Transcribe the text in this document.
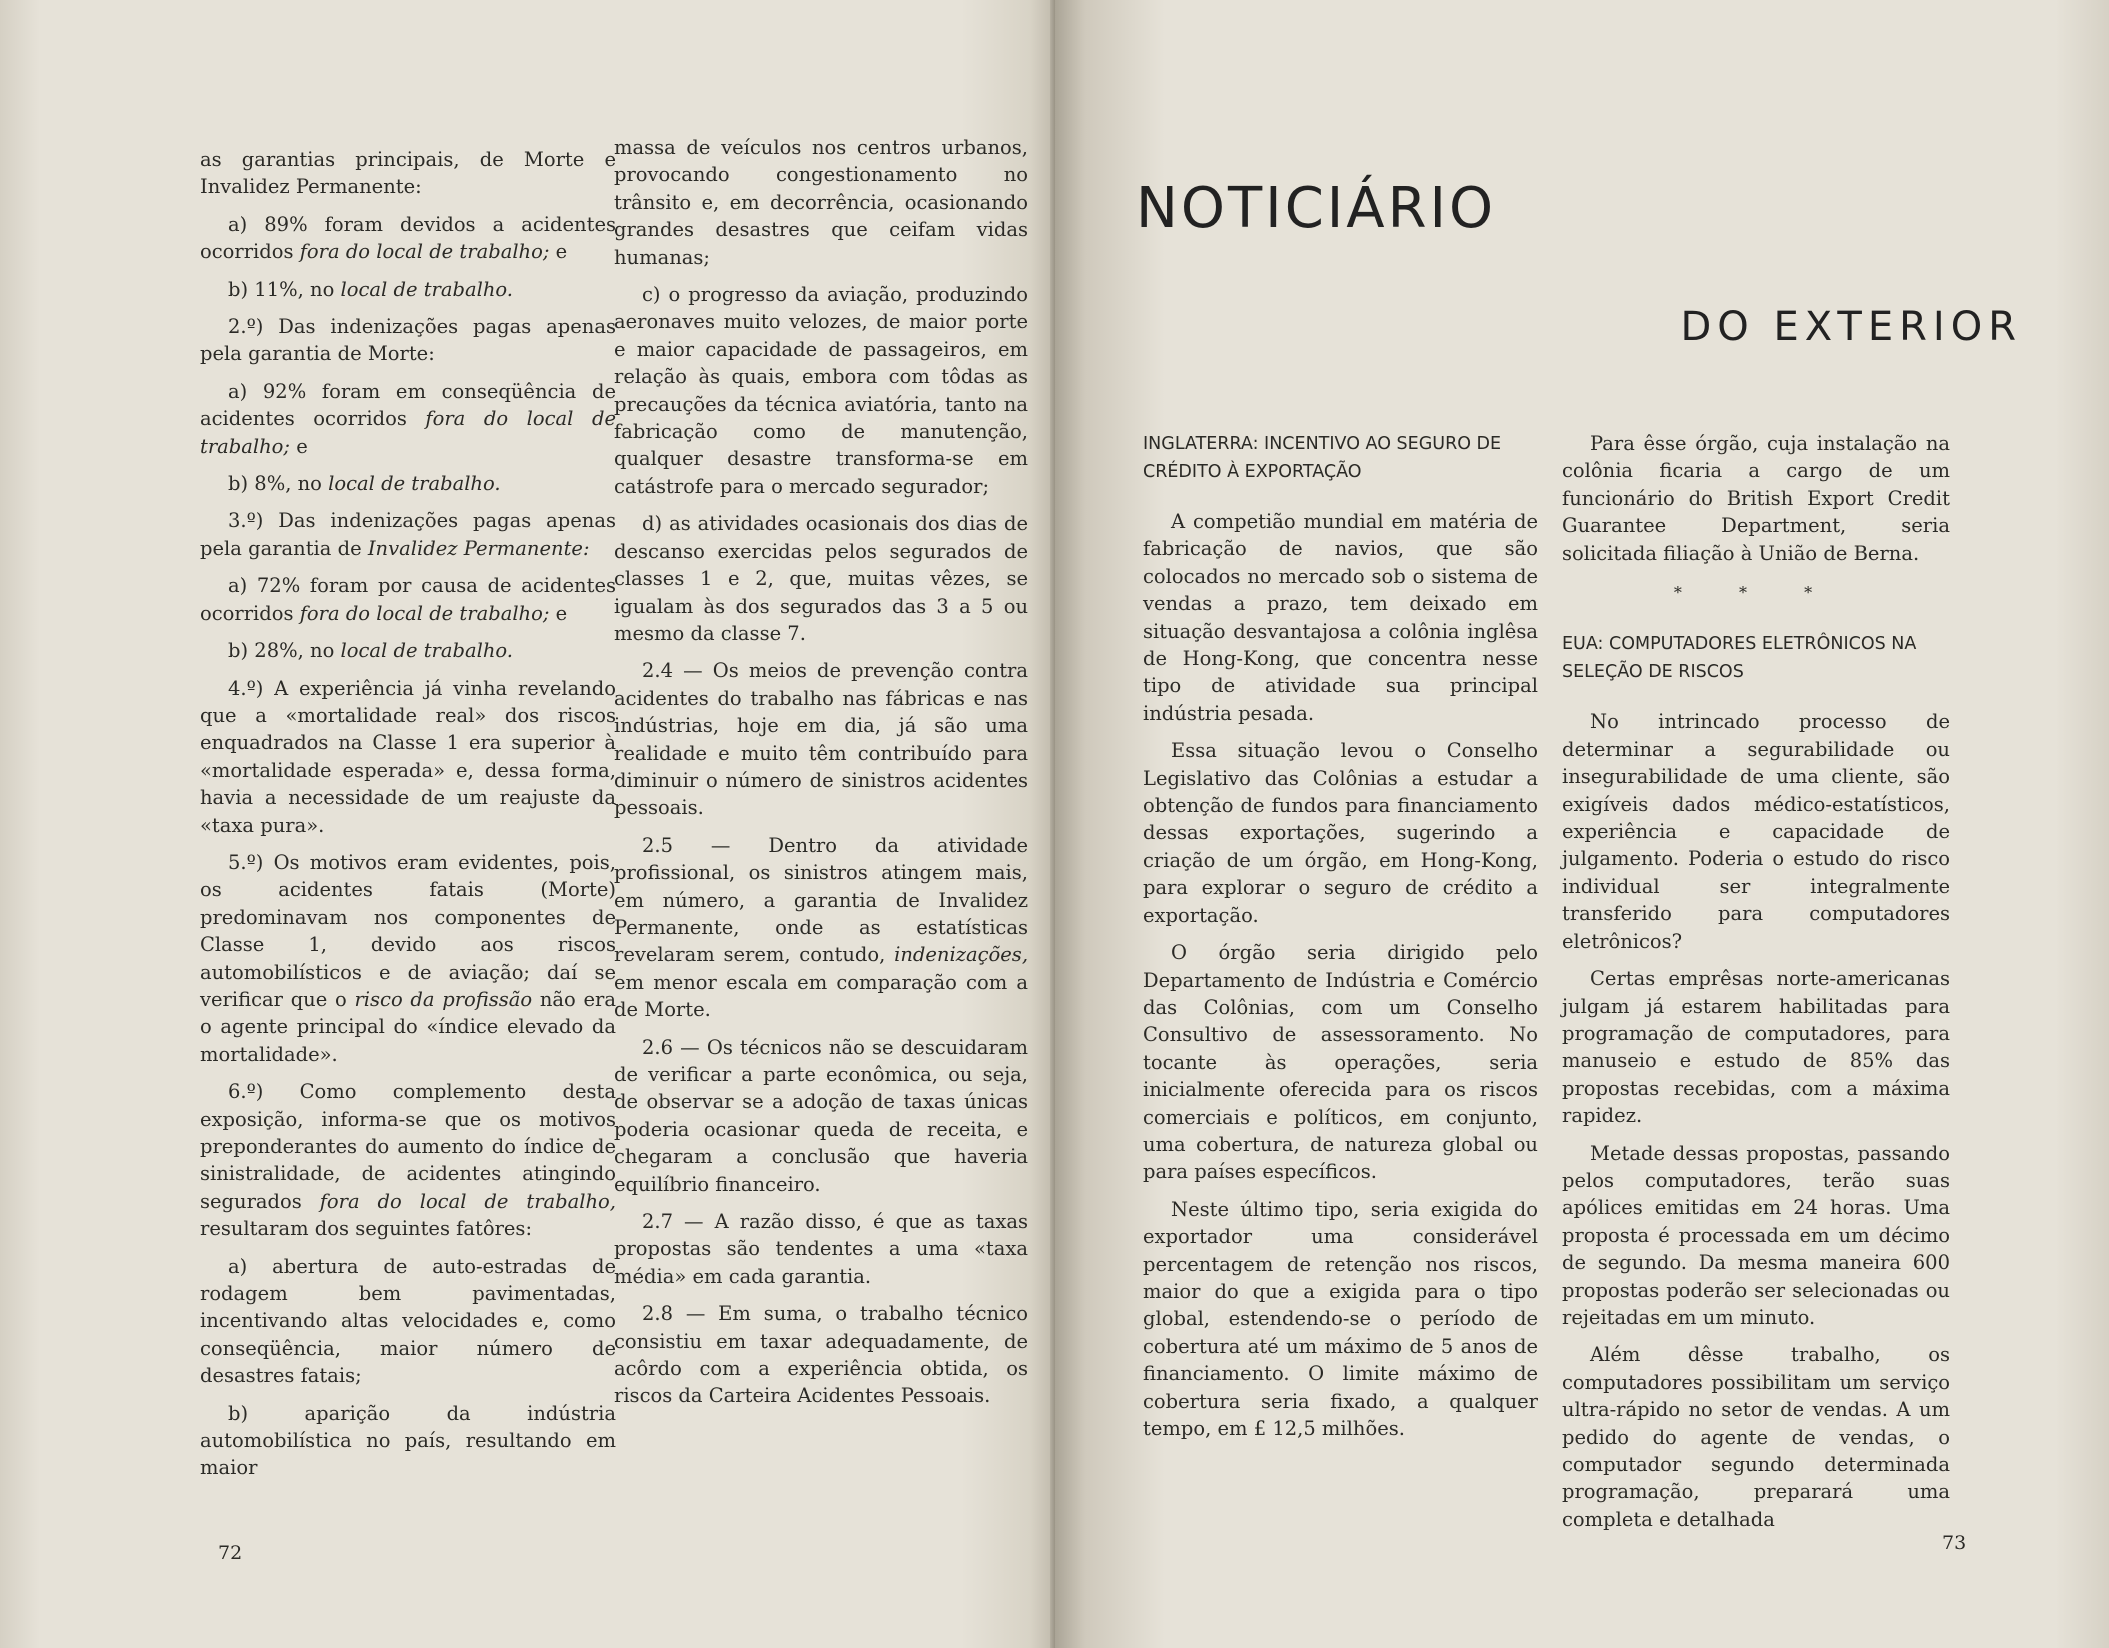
as garantias principais, de Morte e Invalidez Permanente:

a) 89% foram devidos a acidentes ocorridos fora do local de trabalho; e

b) 11%, no local de trabalho.

2.º) Das indenizações pagas apenas pela garantia de Morte:

a) 92% foram em conseqüência de acidentes ocorridos fora do local de trabalho; e

b) 8%, no local de trabalho.

3.º) Das indenizações pagas apenas pela garantia de Invalidez Permanente:

a) 72% foram por causa de acidentes ocorridos fora do local de trabalho; e

b) 28%, no local de trabalho.

4.º) A experiência já vinha revelando que a «mortalidade real» dos riscos enquadrados na Classe 1 era superior à «mortalidade esperada» e, dessa forma, havia a necessidade de um reajuste da «taxa pura».

5.º) Os motivos eram evidentes, pois, os acidentes fatais (Morte) predominavam nos componentes de Classe 1, devido aos riscos automobilísticos e de aviação; daí se verificar que o risco da profissão não era o agente principal do «índice elevado da mortalidade».

6.º) Como complemento desta exposição, informa-se que os motivos preponderantes do aumento do índice de sinistralidade, de acidentes atingindo segurados fora do local de trabalho, resultaram dos seguintes fatôres:

a) abertura de auto-estradas de rodagem bem pavimentadas, incentivando altas velocidades e, como conseqüência, maior número de desastres fatais;

b) aparição da indústria automobilística no país, resultando em maior

massa de veículos nos centros urbanos, provocando congestionamento no trânsito e, em decorrência, ocasionando grandes desastres que ceifam vidas humanas;

c) o progresso da aviação, produzindo aeronaves muito velozes, de maior porte e maior capacidade de passageiros, em relação às quais, embora com tôdas as precauções da técnica aviatória, tanto na fabricação como de manutenção, qualquer desastre transforma-se em catástrofe para o mercado segurador;

d) as atividades ocasionais dos dias de descanso exercidas pelos segurados de classes 1 e 2, que, muitas vêzes, se igualam às dos segurados das 3 a 5 ou mesmo da classe 7.

2.4 — Os meios de prevenção contra acidentes do trabalho nas fábricas e nas indústrias, hoje em dia, já são uma realidade e muito têm contribuído para diminuir o número de sinistros acidentes pessoais.

2.5 — Dentro da atividade profissional, os sinistros atingem mais, em número, a garantia de Invalidez Permanente, onde as estatísticas revelaram serem, contudo, indenizações, em menor escala em comparação com a de Morte.

2.6 — Os técnicos não se descuidaram de verificar a parte econômica, ou seja, de observar se a adoção de taxas únicas poderia ocasionar queda de receita, e chegaram a conclusão que haveria equilíbrio financeiro.

2.7 — A razão disso, é que as taxas propostas são tendentes a uma «taxa média» em cada garantia.

2.8 — Em suma, o trabalho técnico consistiu em taxar adequadamente, de acôrdo com a experiência obtida, os riscos da Carteira Acidentes Pessoais.

72	73
NOTICIÁRIO
DO EXTERIOR

INGLATERRA: INCENTIVO AO SEGURO DE CRÉDITO À EXPORTAÇÃO

A competião mundial em matéria de fabricação de navios, que são colocados no mercado sob o sistema de vendas a prazo, tem deixado em situação desvantajosa a colônia inglêsa de Hong-Kong, que concentra nesse tipo de atividade sua principal indústria pesada.

Essa situação levou o Conselho Legislativo das Colônias a estudar a obtenção de fundos para financiamento dessas exportações, sugerindo a criação de um órgão, em Hong-Kong, para explorar o seguro de crédito a exportação.

O órgão seria dirigido pelo Departamento de Indústria e Comércio das Colônias, com um Conselho Consultivo de assessoramento. No tocante às operações, seria inicialmente oferecida para os riscos comerciais e políticos, em conjunto, uma cobertura, de natureza global ou para países específicos.

Neste último tipo, seria exigida do exportador uma considerável percentagem de retenção nos riscos, maior do que a exigida para o tipo global, estendendo-se o período de cobertura até um máximo de 5 anos de financiamento. O limite máximo de cobertura seria fixado, a qualquer tempo, em £ 12,5 milhões.

Para êsse órgão, cuja instalação na colônia ficaria a cargo de um funcionário do British Export Credit Guarantee Department, seria solicitada filiação à União de Berna.

* * *

EUA: COMPUTADORES ELETRÔNICOS NA SELEÇÃO DE RISCOS

No intrincado processo de determinar a segurabilidade ou insegurabilidade de uma cliente, são exigíveis dados médico-estatísticos, experiência e capacidade de julgamento. Poderia o estudo do risco individual ser integralmente transferido para computadores eletrônicos?

Certas emprêsas norte-americanas julgam já estarem habilitadas para programação de computadores, para manuseio e estudo de 85% das propostas recebidas, com a máxima rapidez.

Metade dessas propostas, passando pelos computadores, terão suas apólices emitidas em 24 horas. Uma proposta é processada em um décimo de segundo. Da mesma maneira 600 propostas poderão ser selecionadas ou rejeitadas em um minuto.

Além dêsse trabalho, os computadores possibilitam um serviço ultra-rápido no setor de vendas. A um pedido do agente de vendas, o computador segundo determinada programação, preparará uma completa e detalhada
